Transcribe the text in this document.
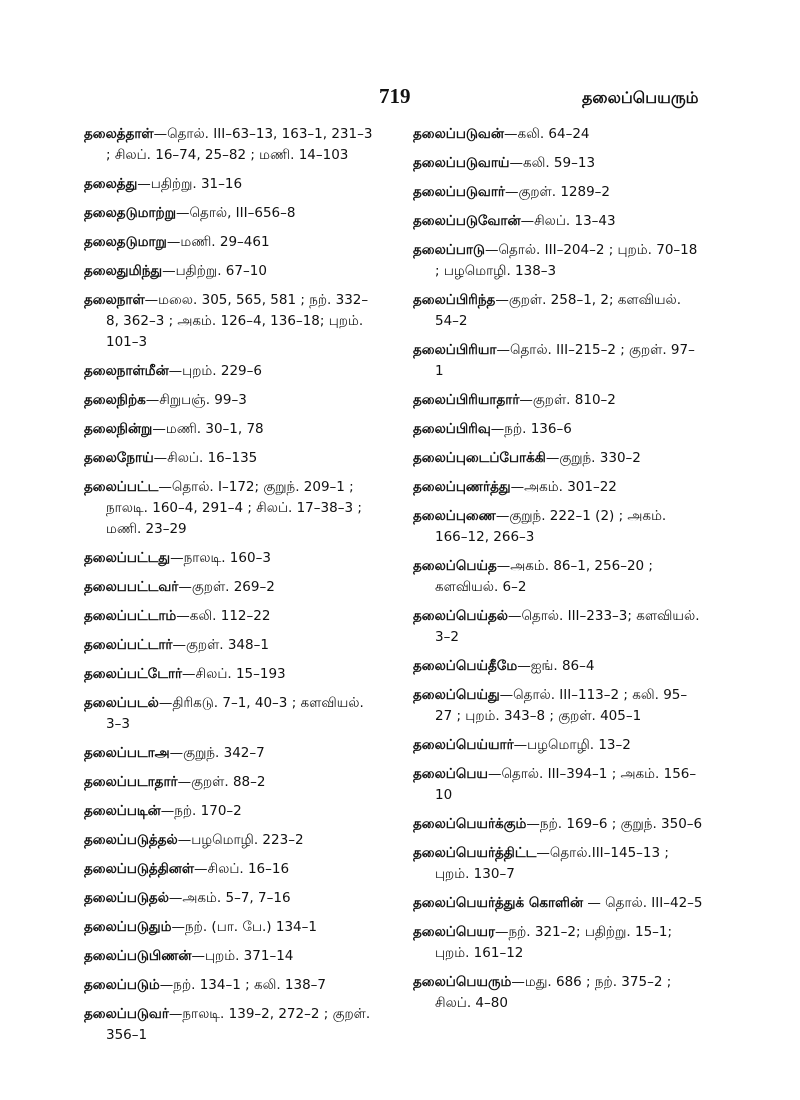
719	தலைப்பெயரும்
தலைத்தாள்—தொல். III–63–13, 163–1, 231–3 ; சிலப். 16–74, 25–82 ; மணி. 14–103
தலைத்து—பதிற்று. 31–16
தலைதடுமாற்று—தொல், III–656–8
தலைதடுமாறு—மணி. 29–461
தலைதுமிந்து—பதிற்று. 67–10
தலைநாள்—மலை. 305, 565, 581 ; நற். 332–8, 362–3 ; அகம். 126–4, 136–18; புறம். 101–3
தலைநாள்மீன்—புறம். 229–6
தலைநிற்க—சிறுபஞ். 99–3
தலைநின்று—மணி. 30–1, 78
தலைநோய்—சிலப். 16–135
தலைப்பட்ட—தொல். I–172; குறுந். 209–1 ; நாலடி. 160–4, 291–4 ; சிலப். 17–38–3 ; மணி. 23–29
தலைப்பட்டது—நாலடி. 160–3
தலைபபட்டவர்—குறள். 269–2
தலைப்பட்டாம்—கலி. 112–22
தலைப்பட்டார்—குறள். 348–1
தலைப்பட்டோர்—சிலப். 15–193
தலைப்படல்—திரிகடு. 7–1, 40–3 ; களவியல். 3–3
தலைப்படாஅ—குறுந். 342–7
தலைப்படாதார்—குறள். 88–2
தலைப்படின்—நற். 170–2
தலைப்படுத்தல்—பழமொழி. 223–2
தலைப்படுத்தினள்—சிலப். 16–16
தலைப்படுதல்—அகம். 5–7, 7–16
தலைப்படுதும்—நற். (பா. பே.) 134–1
தலைப்படுபிணன்—புறம். 371–14
தலைப்படும்—நற். 134–1 ; கலி. 138–7
தலைப்படுவர்—நாலடி. 139–2, 272–2 ; குறள். 356–1
தலைப்படுவன்—கலி. 64–24
தலைப்படுவாய்—கலி. 59–13
தலைப்படுவார்—குறள். 1289–2
தலைப்படுவோன்—சிலப். 13–43
தலைப்பாடு—தொல். III–204–2 ; புறம். 70–18 ; பழமொழி. 138–3
தலைப்பிரிந்த—குறள். 258–1, 2; களவியல். 54–2
தலைப்பிரியா—தொல். III–215–2 ; குறள். 97–1
தலைப்பிரியாதார்—குறள். 810–2
தலைப்பிரிவு—நற். 136–6
தலைப்புடைப்போக்கி—குறுந். 330–2
தலைப்புணர்த்து—அகம். 301–22
தலைப்புணை—குறுந். 222–1 (2) ; அகம். 166–12, 266–3
தலைப்பெய்த—அகம். 86–1, 256–20 ; களவியல். 6–2
தலைப்பெய்தல்—தொல். III–233–3; களவியல். 3–2
தலைப்பெய்தீமே—ஐங். 86–4
தலைப்பெய்து—தொல். III–113–2 ; கலி. 95–27 ; புறம். 343–8 ; குறள். 405–1
தலைப்பெய்யார்—பழமொழி. 13–2
தலைப்பெய—தொல். III–394–1 ; அகம். 156–10
தலைப்பெயர்க்கும்—நற். 169–6 ; குறுந். 350–6
தலைப்பெயர்த்திட்ட—தொல்.III–145–13 ; புறம். 130–7
தலைப்பெயர்த்துக் கொளின் — தொல். III–42–5
தலைப்பெயர—நற். 321–2; பதிற்று. 15–1; புறம். 161–12
தலைப்பெயரும்—மது. 686 ; நற். 375–2 ; சிலப். 4–80
